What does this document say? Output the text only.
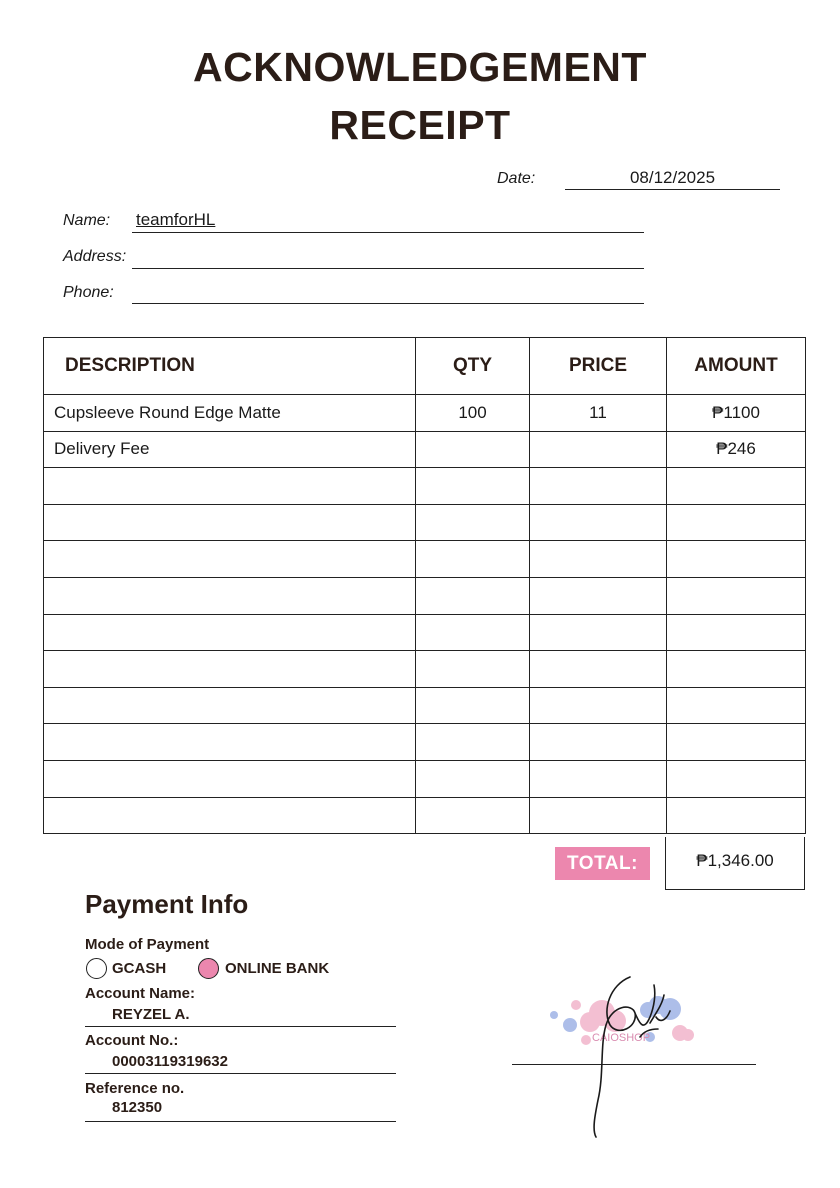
ACKNOWLEDGEMENT
RECEIPT
Date:	08/12/2025
Name: teamforHL
Address:
Phone:
DESCRIPTION	QTY	PRICE	AMOUNT
Cupsleeve Round Edge Matte	100	11	₱1100
Delivery Fee			₱246

TOTAL:	₱1,346.00
Payment Info
Mode of Payment
GCASH	ONLINE BANK
Account Name:
REYZEL A.
Account No.:
00003119319632
Reference no.
812350
CAIOSHOP
